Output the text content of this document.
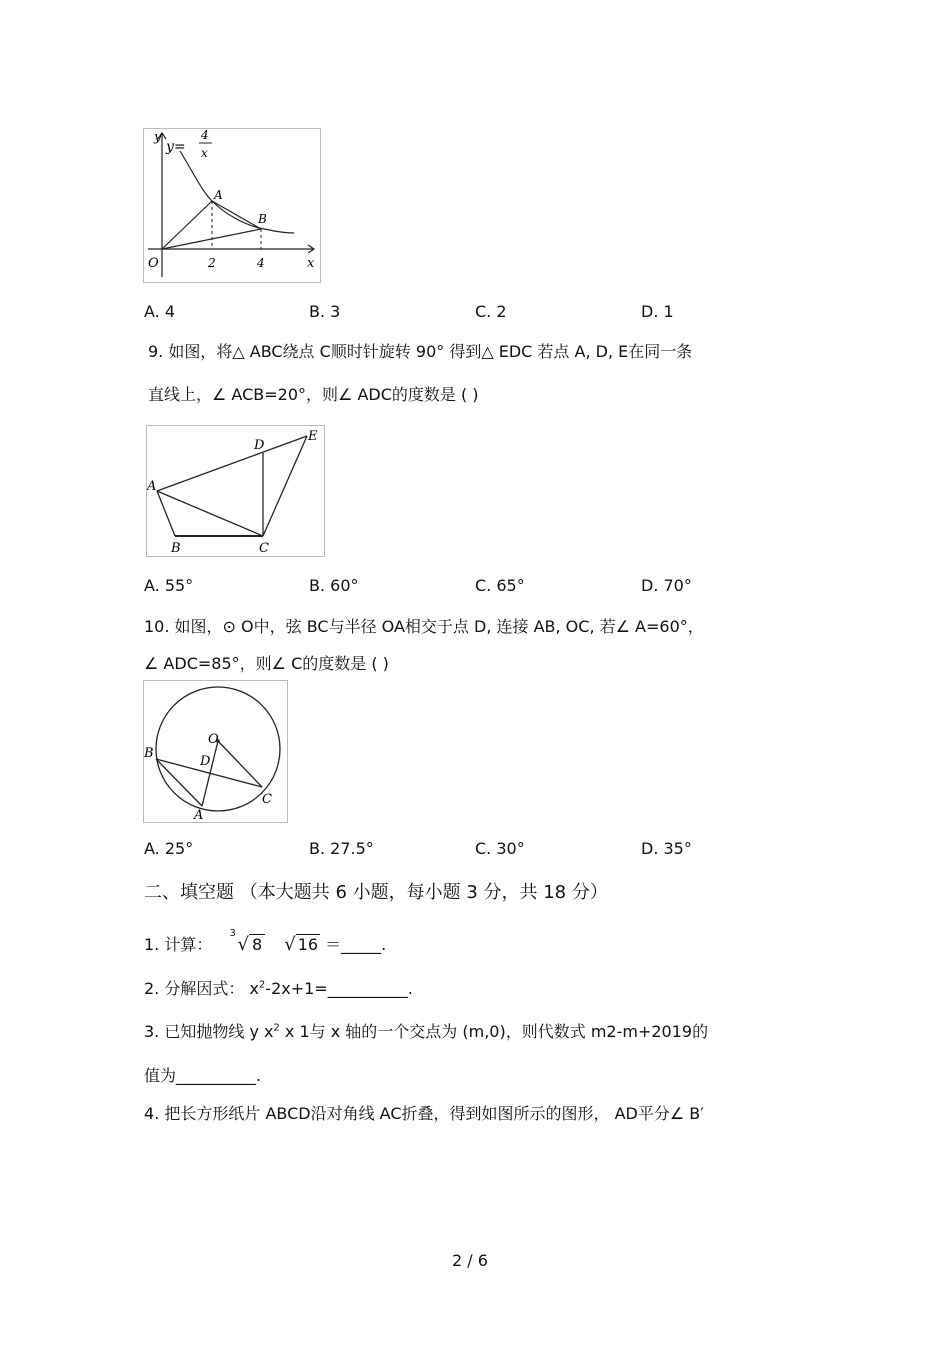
y=
4
x
y
x
O
A
B
2	4
A. 4	B. 3	C. 2	D. 1
9. 如图，将△ ABC绕点 C顺时针旋转 90° 得到△ EDC 若点 A, D, E在同一条
直线上，∠ ACB=20°，则∠ ADC的度数是 ( )
A
B	C
D
E
A. 55°	B. 60°	C. 65°	D. 70°
10. 如图，⊙ O中，弦 BC与半径 OA相交于点 D, 连接 AB, OC, 若∠ A=60°，
∠ ADC=85°，则∠ C的度数是 ( )
O
B
D
A
C
A. 25°	B. 27.5°	C. 30°	D. 35°
二、填空题 （本大题共 6 小题，每小题 3 分，共 18 分）
1. 计算：
3
√ 8 √ 16 ＝_____.
2. 分解因式： $x^2-2x+1=\_\_\_\_\_\_\_\_\_\_$.
3. 已知抛物线 y $x^2$ x 1与 x 轴的一个交点为 (m,0)，则代数式 m2-m+2019的
值为__________.
4. 把长方形纸片 ABCD沿对角线 AC折叠，得到如图所示的图形， AD平分∠ B′
2 / 6
